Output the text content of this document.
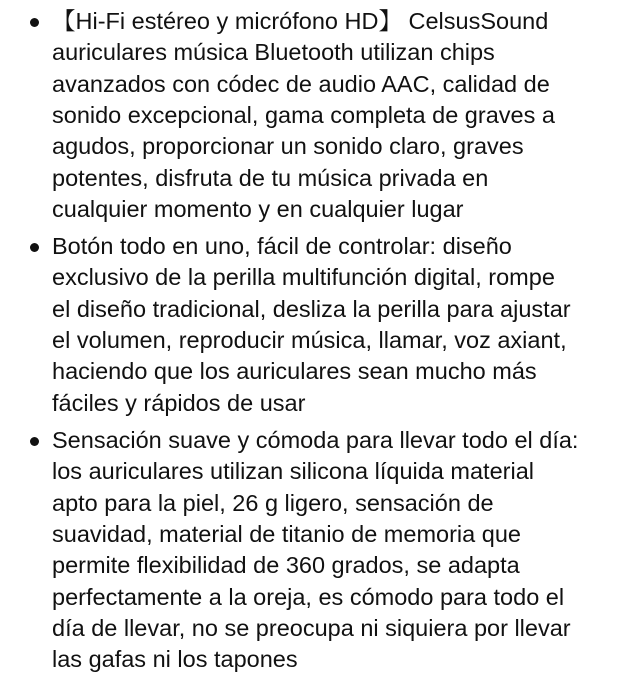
【Hi-Fi estéreo y micrófono HD】 CelsusSound
auriculares música Bluetooth utilizan chips
avanzados con códec de audio AAC, calidad de
sonido excepcional, gama completa de graves a
agudos, proporcionar un sonido claro, graves
potentes, disfruta de tu música privada en
cualquier momento y en cualquier lugar
Botón todo en uno, fácil de controlar: diseño
exclusivo de la perilla multifunción digital, rompe
el diseño tradicional, desliza la perilla para ajustar
el volumen, reproducir música, llamar, voz axiant,
haciendo que los auriculares sean mucho más
fáciles y rápidos de usar
Sensación suave y cómoda para llevar todo el día:
los auriculares utilizan silicona líquida material
apto para la piel, 26 g ligero, sensación de
suavidad, material de titanio de memoria que
permite flexibilidad de 360 grados, se adapta
perfectamente a la oreja, es cómodo para todo el
día de llevar, no se preocupa ni siquiera por llevar
las gafas ni los tapones
